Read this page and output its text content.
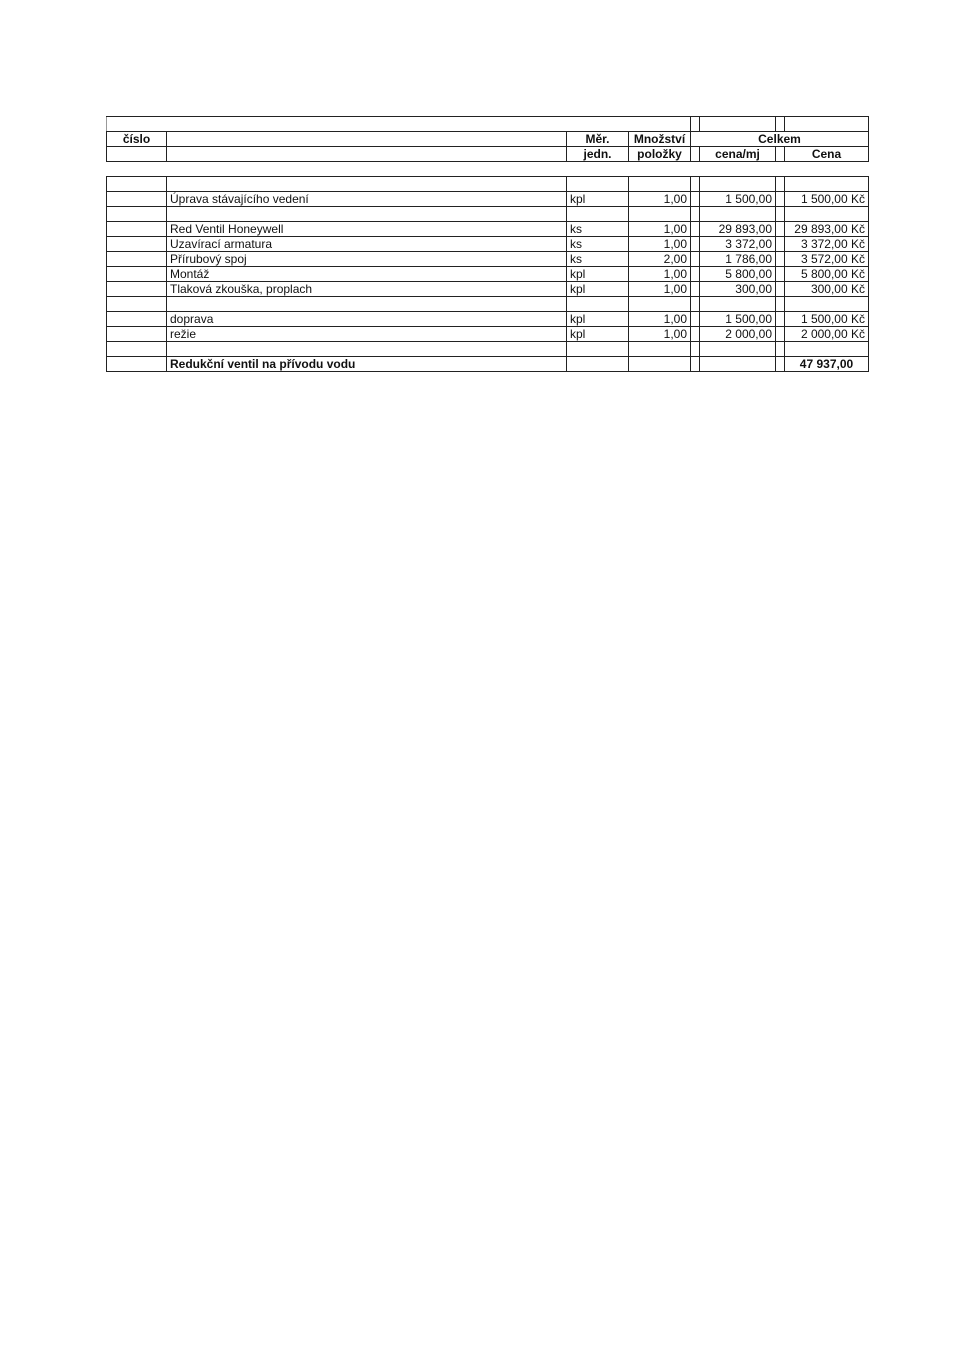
číslo		Měr.	Množství	Celkem			
		jedn.	položky		cena/mj		Cena

	Úprava stávajícího vedení	kpl	1,00		1 500,00		1 500,00 Kč

	Red Ventil Honeywell	ks	1,00		29 893,00		29 893,00 Kč
	Uzavírací armatura	ks	1,00		3 372,00		3 372,00 Kč
	Přírubový spoj	ks	2,00		1 786,00		3 572,00 Kč
	Montáž	kpl	1,00		5 800,00		5 800,00 Kč
	Tlaková zkouška, proplach	kpl	1,00		300,00		300,00 Kč

	doprava	kpl	1,00		1 500,00		1 500,00 Kč
	režie	kpl	1,00		2 000,00		2 000,00 Kč

	Redukční ventil na přívodu vodu						47 937,00
